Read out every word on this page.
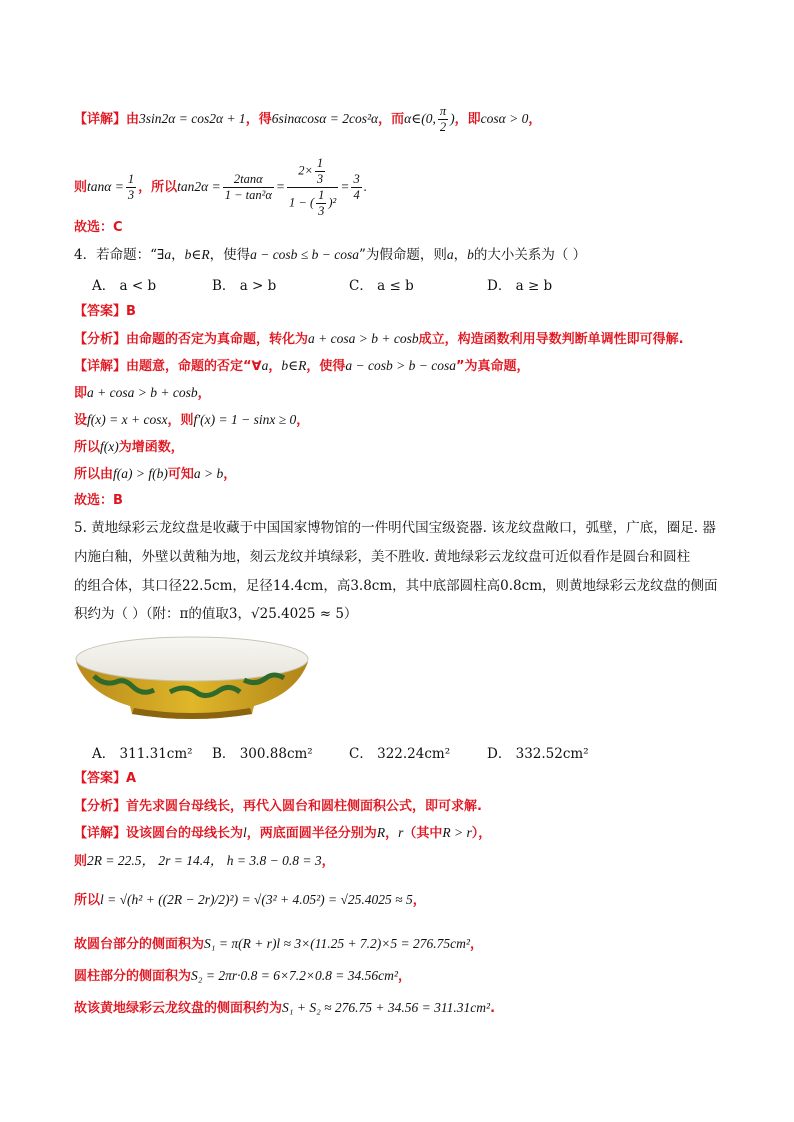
【详解】由3sin2α = cos2α + 1，得6sinαcosα = 2cos²α，而α∈(0, $\frac{\pi}{2}$ )，即cosα > 0，
则$\tan\alpha = \frac{1}{3}$ ，所以$\tan 2\alpha = \frac{2\tan\alpha}{\text{1 − tan²α}} = \frac{2\times \frac{1}{3}}{1 - ( \frac{1}{3} )^2} = \frac{3}{4}$ .
故选：C
4．若命题：“∃a，b∈R，使得a − cosb ≤ b − cosa”为假命题，则a，b的大小关系为（ ）
A． a < b	B． a > b	C． a ≤ b	D． a ≥ b
【答案】B
【分析】由命题的否定为真命题，转化为a + cosa > b + cosb成立，构造函数利用导数判断单调性即可得解.
【详解】由题意，命题的否定“∀a，b∈R，使得a − cosb > b − cosa”为真命题，
即a + cosa > b + cosb，
设f(x) = x + cosx，则f′(x) = 1 − sinx ≥ 0，
所以f(x)为增函数，
所以由f(a) > f(b)可知a > b，
故选：B
5. 黄地绿彩云龙纹盘是收藏于中国国家博物馆的一件明代国宝级瓷器. 该龙纹盘敞口，弧壁，广底，圈足. 器
内施白釉，外壁以黄釉为地，刻云龙纹并填绿彩，美不胜收. 黄地绿彩云龙纹盘可近似看作是圆台和圆柱
的组合体，其口径22.5cm，足径14.4cm，高3.8cm，其中底部圆柱高0.8cm，则黄地绿彩云龙纹盘的侧面
积约为（ ）（附：π的值取3，√25.4025 ≈ 5）
A． 311.31cm² B． 300.88cm²	C． 322.24cm²	D． 332.52cm²
【答案】A
【分析】首先求圆台母线长，再代入圆台和圆柱侧面积公式，即可求解.
【详解】设该圆台的母线长为l，两底面圆半径分别为R，r（其中R > r），
则2R = 22.5， 2r = 14.4， h = 3.8 − 0.8 = 3，
所以l = √(h² + ((2R − 2r)/2)²) = √(3² + 4.05²) = √25.4025 ≈ 5，
故圆台部分的侧面积为S₁ = π(R + r)l ≈ 3×(11.25 + 7.2)×5 = 276.75cm²，
圆柱部分的侧面积为S₂ = 2πr·0.8 = 6×7.2×0.8 = 34.56cm²，
故该黄地绿彩云龙纹盘的侧面积约为S₁ + S₂ ≈ 276.75 + 34.56 = 311.31cm².
